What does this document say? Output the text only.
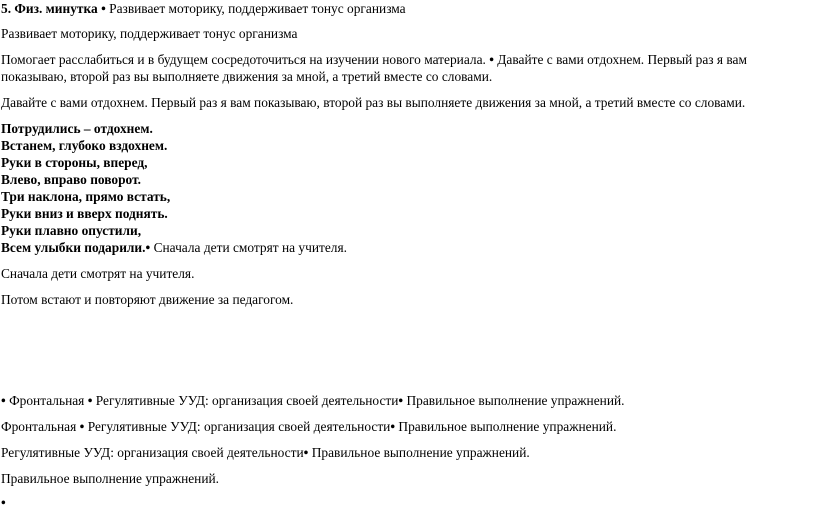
5. Физ. минутка • Развивает моторику, поддерживает тонус организма
Развивает моторику, поддерживает тонус организма
Помогает расслабиться и в будущем сосредоточиться на изучении нового материала. • Давайте с вами отдохнем. Первый раз я вам
показываю, второй раз вы выполняете движения за мной, а третий вместе со словами.
Давайте с вами отдохнем. Первый раз я вам показываю, второй раз вы выполняете движения за мной, а третий вместе со словами.
Потрудились – отдохнем.
Встанем, глубоко вздохнем.
Руки в стороны, вперед,
Влево, вправо поворот.
Три наклона, прямо встать,
Руки вниз и вверх поднять.
Руки плавно опустили,
Всем улыбки подарили.• Сначала дети смотрят на учителя.
Сначала дети смотрят на учителя.
Потом встают и повторяют движение за педагогом.
• Фронтальная • Регулятивные УУД: организация своей деятельности• Правильное выполнение упражнений.
Фронтальная • Регулятивные УУД: организация своей деятельности• Правильное выполнение упражнений.
Регулятивные УУД: организация своей деятельности• Правильное выполнение упражнений.
Правильное выполнение упражнений.
•
